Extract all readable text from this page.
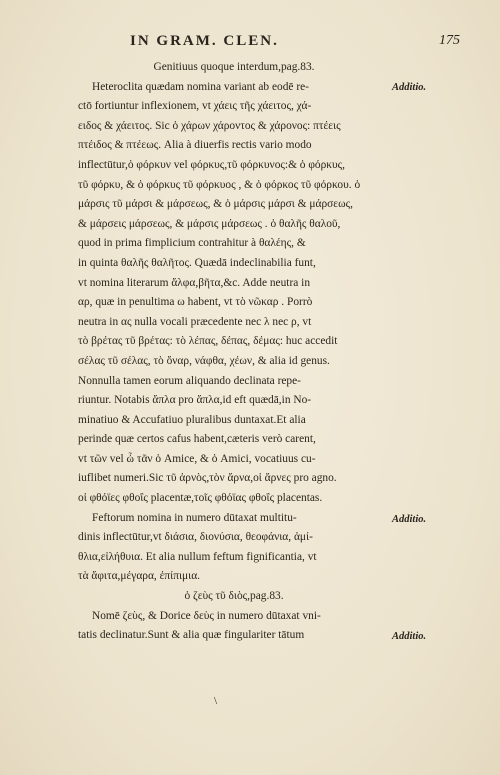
IN GRAM. CLEN.	175
Genitiuus quoque interdum,pag.83.
Heteroclita quædam nomina variant ab eodē re-
ctō fortiuntur inflexionem, vt χάεις τῆς χάειτος, χά-
ειδος & χάειτος. Sic ὁ χάρων χάροντος & χάρονος: πτέεις
πτέιδος & πτέεως. Alia à diuerfis rectis vario modo
inflectūtur,ὁ φόρκυν vel φόρκυς,τῦ φόρκυνος:& ὁ φόρκυς,
τῦ φόρκυ, & ὁ φόρκυς τῦ φόρκυος , & ὁ φόρκος τῦ φόρκου. ὁ
μάρσις τῦ μάρσι & μάρσεως, & ὁ μάρσις μάρσι & μάρσεως,
& μάρσεις μάρσεως, & μάρσις μάρσεως . ὁ θαλῆς θαλοῦ,
quod in prima fimplicium contrahitur à θαλέης, &
in quinta θαλῆς θαλῆτος. Quædā indeclinabilia funt,
vt nomina literarum ἄλφα,βῆτα,&c. Adde neutra in
αρ, quæ in penultima ω habent, vt τὸ νῶκαρ . Porrò
neutra in ας nulla vocali præcedente nec λ nec ρ, vt
τὸ βρέτας τῦ βρέτας: τὸ λέπας, δέπας, δέμας: huc accedit
σέλας τῦ σέλας, τὸ ὄναρ, νάφθα, χέων, & alia id genus.
Nonnulla tamen eorum aliquando declinata repe-
riuntur. Notabis ἄπλα pro ἅπλα,id eft quædā,in No-
minatiuo & Accufatiuo pluralibus duntaxat.Et alia
perinde quæ certos cafus habent,cæteris verò carent,
vt τῶν vel ὦ τᾶν ὁ Amice, & ὁ Amici, vocatiuus cu-
iuflibet numeri.Sic τῦ ἀρνὸς,τὸν ἄρνα,οἱ ἄρνες pro agno.
οἱ φθόϊες φθοΐς placentæ,τοῖς φθόϊας φθοΐς placentas.
Feftorum nomina in numero dūtaxat multitu-
dinis inflectūtur,vt διάσια, διονύσια, θεοφάνια, ἀμί-
θλια,εἰλήθυια. Et alia nullum feftum fignificantia, vt
τὰ ἄφιτα,μέγαρα, ἐπίπιμια.
ὁ ζεὺς τῦ διὸς,pag.83.
Nomē ζεὺς, & Dorice δεὺς in numero dūtaxat vni-
tatis declinatur.Sunt & alia quæ fingulariter tātum
Additio.
Additio.
Additio.
\
